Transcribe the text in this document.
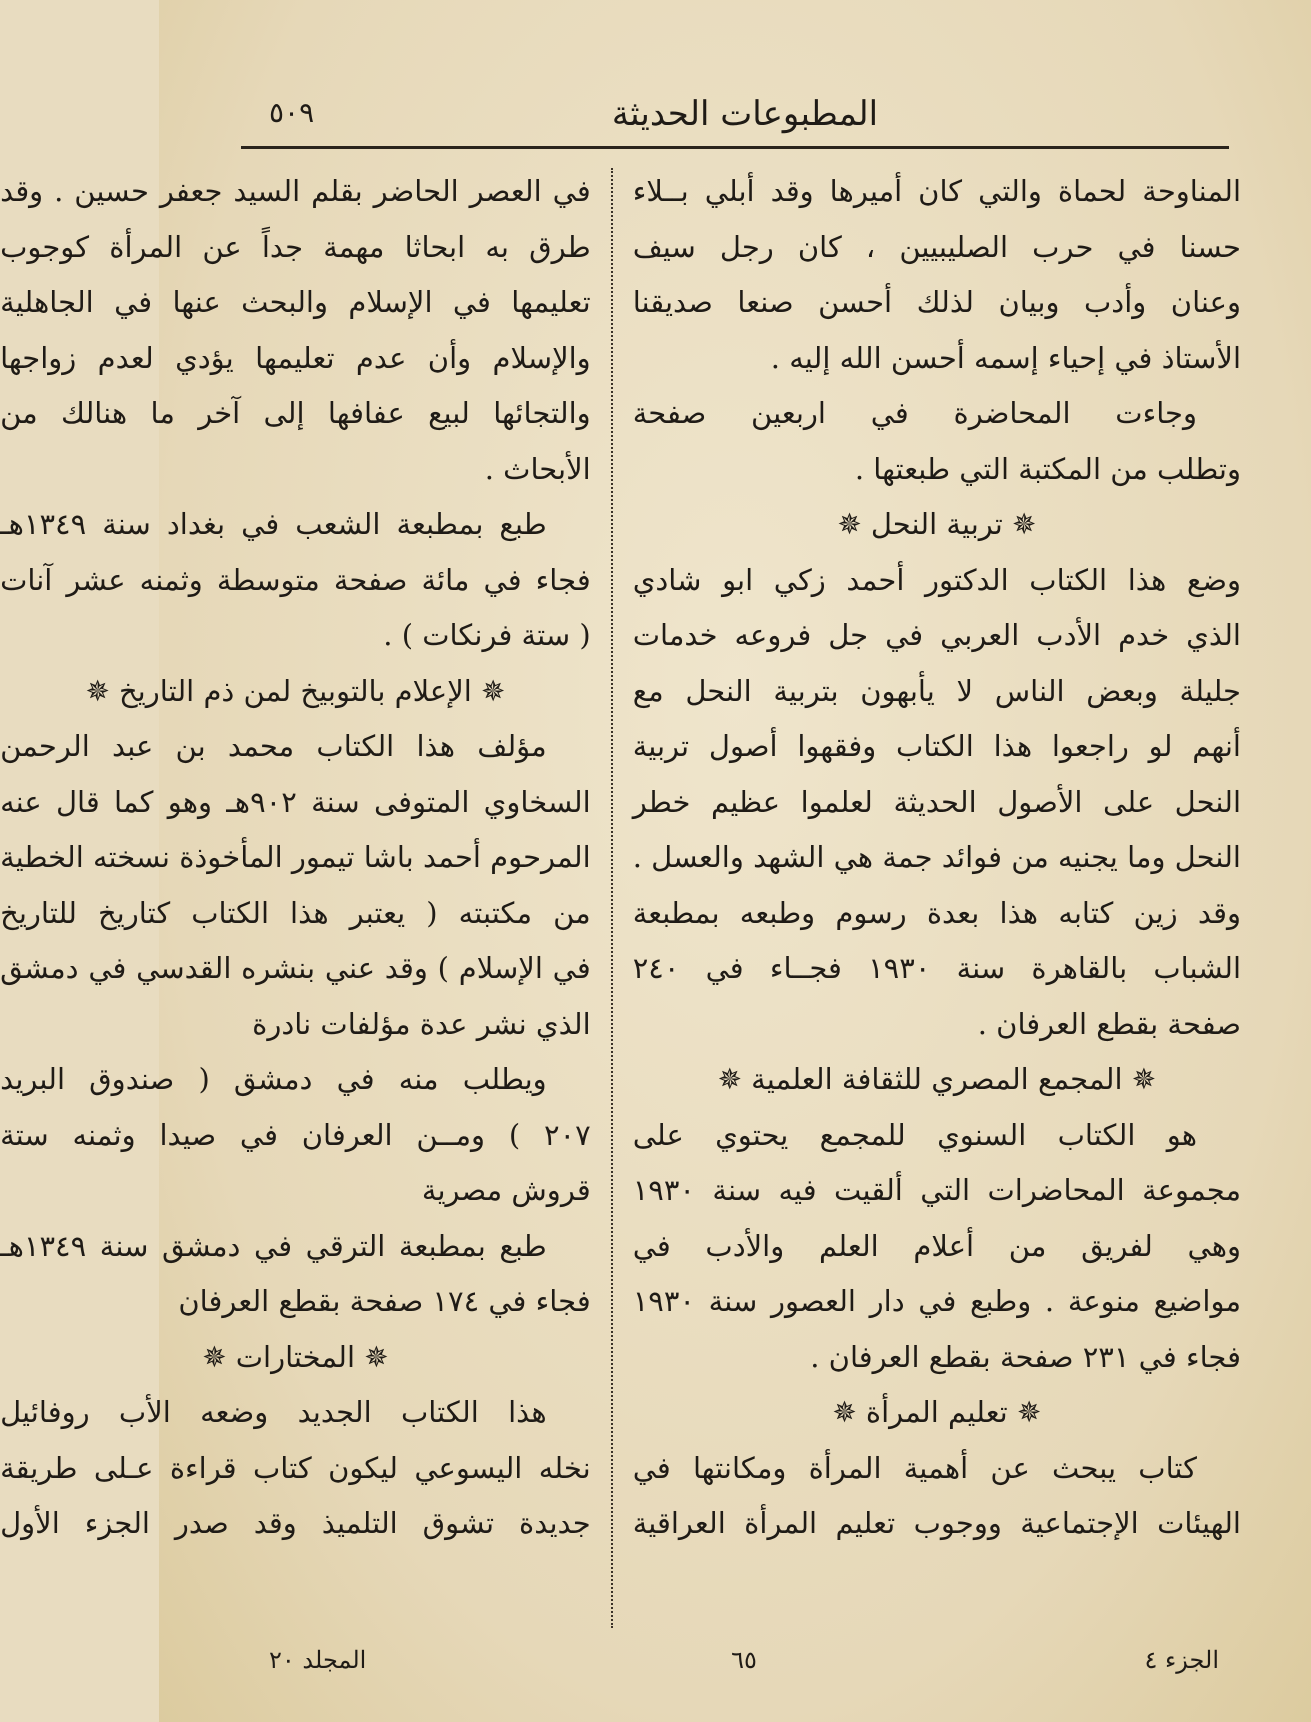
المطبوعات الحديثة
٥٠٩
المناوحة لحماة والتي كان أميرها وقد أبلي بــلاء
حسنا في حرب الصليبيين ، كان رجل سيف
وعنان وأدب وبيان لذلك أحسن صنعا صديقنا
الأستاذ في إحياء إسمه أحسن الله إليه .
وجاءت المحاضرة في اربعين صفحة
وتطلب من المكتبة التي طبعتها .
✵ تربية النحل ✵
وضع هذا الكتاب الدكتور أحمد زكي ابو شادي
الذي خدم الأدب العربي في جل فروعه خدمات
جليلة وبعض الناس لا يأبهون بتربية النحل مع
أنهم لو راجعوا هذا الكتاب وفقهوا أصول تربية
النحل على الأصول الحديثة لعلموا عظيم خطر
النحل وما يجنيه من فوائد جمة هي الشهد والعسل .
وقد زين كتابه هذا بعدة رسوم وطبعه بمطبعة
الشباب بالقاهرة سنة ١٩٣٠ فجــاء في ٢٤٠
صفحة بقطع العرفان .
✵ المجمع المصري للثقافة العلمية ✵
هو الكتاب السنوي للمجمع يحتوي على
مجموعة المحاضرات التي ألقيت فيه سنة ١٩٣٠
وهي لفريق من أعلام العلم والأدب في
مواضيع منوعة . وطبع في دار العصور سنة ١٩٣٠
فجاء في ٢٣١ صفحة بقطع العرفان .
✵ تعليم المرأة ✵
كتاب يبحث عن أهمية المرأة ومكانتها في
الهيئات الإجتماعية ووجوب تعليم المرأة العراقية
في العصر الحاضر بقلم السيد جعفر حسين . وقد
طرق به ابحاثا مهمة جداً عن المرأة كوجوب
تعليمها في الإسلام والبحث عنها في الجاهلية
والإسلام وأن عدم تعليمها يؤدي لعدم زواجها
والتجائها لبيع عفافها إلى آخر ما هنالك من
الأبحاث .
طبع بمطبعة الشعب في بغداد سنة ١٣٤٩هـ
فجاء في مائة صفحة متوسطة وثمنه عشر آنات
( ستة فرنكات ) .
✵ الإعلام بالتوبيخ لمن ذم التاريخ ✵
مؤلف هذا الكتاب محمد بن عبد الرحمن
السخاوي المتوفى سنة ٩٠٢هـ وهو كما قال عنه
المرحوم أحمد باشا تيمور المأخوذة نسخته الخطية
من مكتبته ( يعتبر هذا الكتاب كتاريخ للتاريخ
في الإسلام ) وقد عني بنشره القدسي في دمشق
الذي نشر عدة مؤلفات نادرة
ويطلب منه في دمشق ( صندوق البريد
٢٠٧ ) ومــن العرفان في صيدا وثمنه ستة
قروش مصرية
طبع بمطبعة الترقي في دمشق سنة ١٣٤٩هـ
فجاء في ١٧٤ صفحة بقطع العرفان
✵ المختارات ✵
هذا الكتاب الجديد وضعه الأب روفائيل
نخله اليسوعي ليكون كتاب قراءة عـلى طريقة
جديدة تشوق التلميذ وقد صدر الجزء الأول
الجزء ٤
٦٥
المجلد ٢٠
